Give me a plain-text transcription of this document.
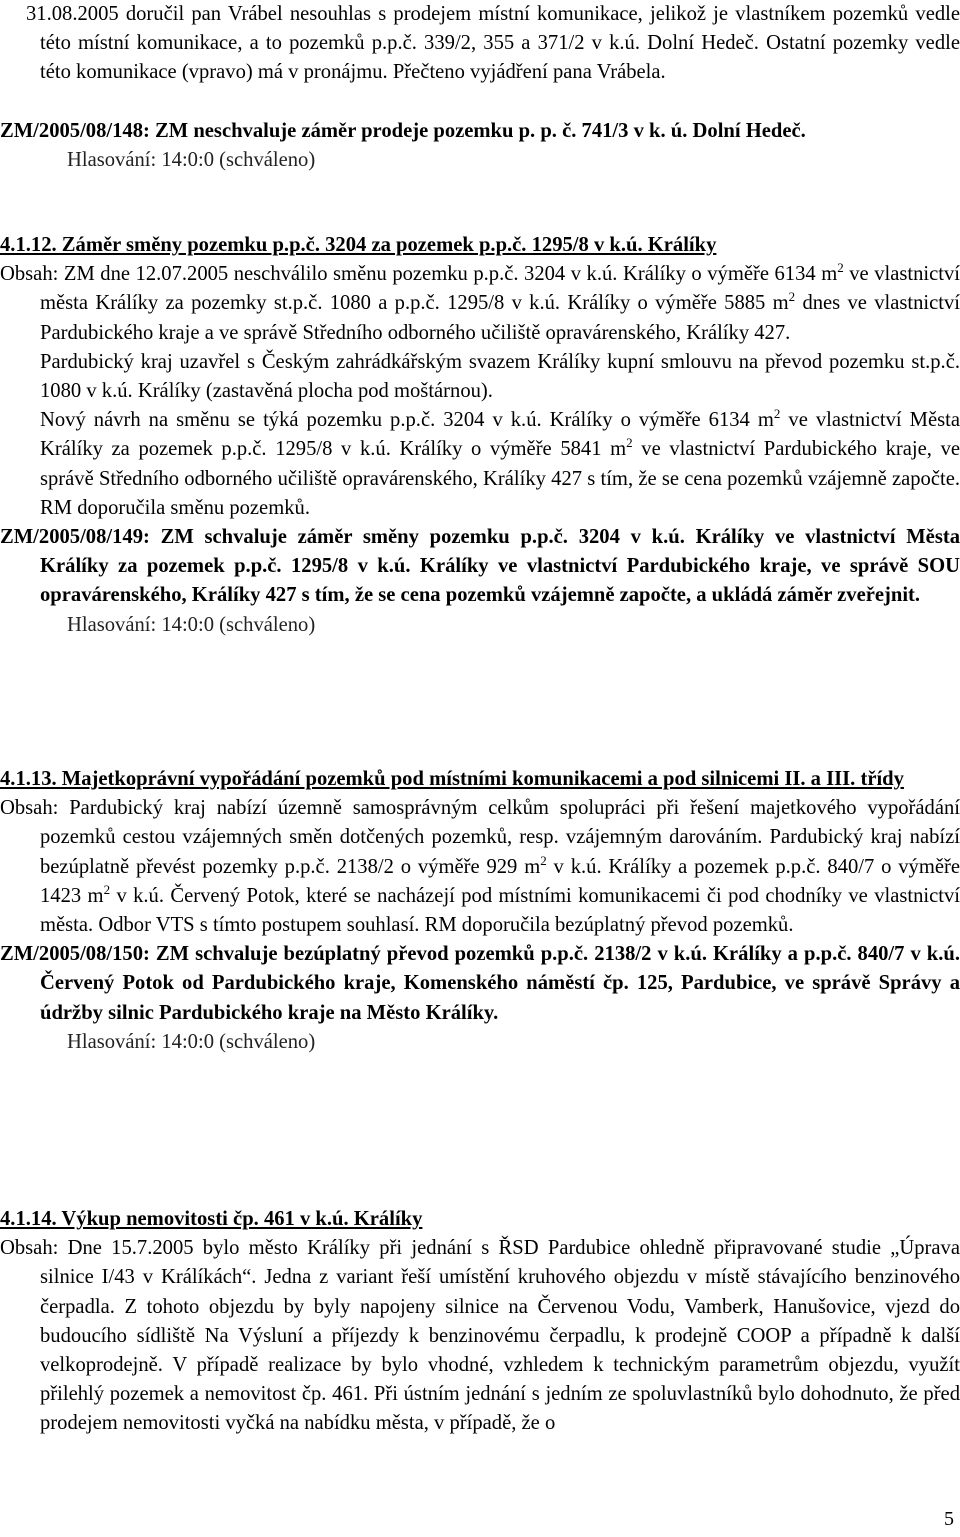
31.08.2005 doručil pan Vrábel nesouhlas s prodejem místní komunikace, jelikož je vlastníkem pozemků vedle této místní komunikace, a to pozemků p.p.č. 339/2, 355 a 371/2 v k.ú. Dolní Hedeč. Ostatní pozemky vedle této komunikace (vpravo) má v pronájmu. Přečteno vyjádření pana Vrábela.

ZM/2005/08/148: ZM neschvaluje záměr prodeje pozemku p. p. č. 741/3 v k. ú. Dolní Hedeč.

Hlasování: 14:0:0 (schváleno)

4.1.12. Záměr směny pozemku p.p.č. 3204 za pozemek p.p.č. 1295/8 v k.ú. Králíky

Obsah: ZM dne 12.07.2005 neschválilo směnu pozemku p.p.č. 3204 v k.ú. Králíky o výměře 6134 $m^2$ ve vlastnictví města Králíky za pozemky st.p.č. 1080 a p.p.č. 1295/8 v k.ú. Králíky o výměře 5885 $m^2$ dnes ve vlastnictví Pardubického kraje a ve správě Středního odborného učiliště opravárenského, Králíky 427.

Pardubický kraj uzavřel s Českým zahrádkářským svazem Králíky kupní smlouvu na převod pozemku st.p.č. 1080 v k.ú. Králíky (zastavěná plocha pod moštárnou).

Nový návrh na směnu se týká pozemku p.p.č. 3204 v k.ú. Králíky o výměře 6134 $m^2$ ve vlastnictví Města Králíky za pozemek p.p.č. 1295/8 v k.ú. Králíky o výměře 5841 $m^2$ ve vlastnictví Pardubického kraje, ve správě Středního odborného učiliště opravárenského, Králíky 427 s tím, že se cena pozemků vzájemně započte. RM doporučila směnu pozemků.

ZM/2005/08/149: ZM schvaluje záměr směny pozemku p.p.č. 3204 v k.ú. Králíky ve vlastnictví Města Králíky za pozemek p.p.č. 1295/8 v k.ú. Králíky ve vlastnictví Pardubického kraje, ve správě SOU opravárenského, Králíky 427 s tím, že se cena pozemků vzájemně započte, a ukládá záměr zveřejnit.

Hlasování: 14:0:0 (schváleno)

4.1.13. Majetkoprávní vypořádání pozemků pod místními komunikacemi a pod silnicemi II. a III. třídy

Obsah: Pardubický kraj nabízí územně samosprávným celkům spolupráci při řešení majetkového vypořádání pozemků cestou vzájemných směn dotčených pozemků, resp. vzájemným darováním. Pardubický kraj nabízí bezúplatně převést pozemky p.p.č. 2138/2 o výměře 929 $m^2$ v k.ú. Králíky a pozemek p.p.č. 840/7 o výměře 1423 $m^2$ v k.ú. Červený Potok, které se nacházejí pod místními komunikacemi či pod chodníky ve vlastnictví města. Odbor VTS s tímto postupem souhlasí. RM doporučila bezúplatný převod pozemků.

ZM/2005/08/150: ZM schvaluje bezúplatný převod pozemků p.p.č. 2138/2 v k.ú. Králíky a p.p.č. 840/7 v k.ú. Červený Potok od Pardubického kraje, Komenského náměstí čp. 125, Pardubice, ve správě Správy a údržby silnic Pardubického kraje na Město Králíky.

Hlasování: 14:0:0 (schváleno)

4.1.14. Výkup nemovitosti čp. 461 v k.ú. Králíky

Obsah: Dne 15.7.2005 bylo město Králíky při jednání s ŘSD Pardubice ohledně připravované studie „Úprava silnice I/43 v Králíkách“. Jedna z variant řeší umístění kruhového objezdu v místě stávajícího benzinového čerpadla. Z tohoto objezdu by byly napojeny silnice na Červenou Vodu, Vamberk, Hanušovice, vjezd do budoucího sídliště Na Výsluní a příjezdy k benzinovému čerpadlu, k prodejně COOP a případně k další velkoprodejně. V případě realizace by bylo vhodné, vzhledem k technickým parametrům objezdu, využít přilehlý pozemek a nemovitost čp. 461. Při ústním jednání s jedním ze spoluvlastníků bylo dohodnuto, že před prodejem nemovitosti vyčká na nabídku města, v případě, že o

5
